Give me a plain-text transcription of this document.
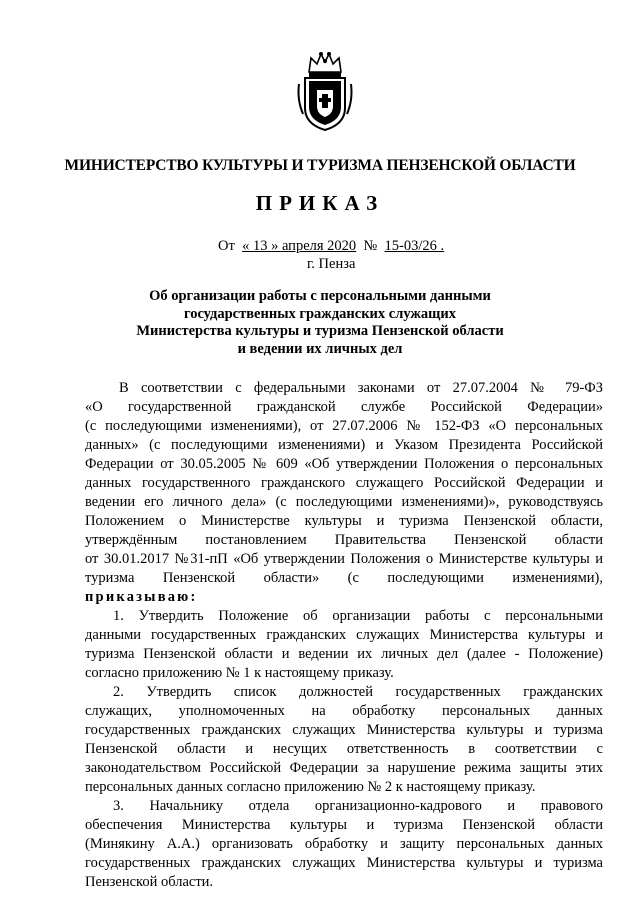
МИНИСТЕРСТВО КУЛЬТУРЫ И ТУРИЗМА ПЕНЗЕНСКОЙ ОБЛАСТИ
ПРИКАЗ
От « 13 » апреля 2020 № 15-03/26 .
г. Пенза
Об организации работы с персональными данными
государственных гражданских служащих
Министерства культуры и туризма Пензенской области
и ведении их личных дел
В соответствии с федеральными законами от 27.07.2004 № 79-ФЗ
«О государственной гражданской службе Российской Федерации»
(с последующими изменениями), от 27.07.2006 № 152-ФЗ «О персональных
данных» (с последующими изменениями) и Указом Президента Российской
Федерации от 30.05.2005 № 609 «Об утверждении Положения о персональных
данных государственного гражданского служащего Российской Федерации и
ведении его личного дела» (с последующими изменениями)», руководствуясь
Положением о Министерстве культуры и туризма Пензенской области,
утверждённым постановлением Правительства Пензенской области
от 30.01.2017 №31-пП «Об утверждении Положения о Министерстве культуры и
туризма Пензенской области» (с последующими изменениями),
приказываю:
1. Утвердить Положение об организации работы с персональными
данными государственных гражданских служащих Министерства культуры и
туризма Пензенской области и ведении их личных дел (далее - Положение)
согласно приложению № 1 к настоящему приказу.
2. Утвердить список должностей государственных гражданских
служащих, уполномоченных на обработку персональных данных
государственных гражданских служащих Министерства культуры и туризма
Пензенской области и несущих ответственность в соответствии с
законодательством Российской Федерации за нарушение режима защиты этих
персональных данных согласно приложению № 2 к настоящему приказу.
3. Начальнику отдела организационно-кадрового и правового
обеспечения Министерства культуры и туризма Пензенской области
(Минякину А.А.) организовать обработку и защиту персональных данных
государственных гражданских служащих Министерства культуры и туризма
Пензенской области.
